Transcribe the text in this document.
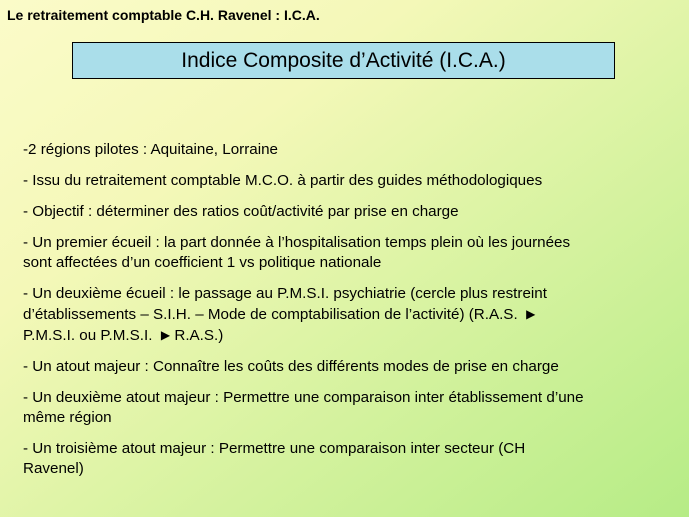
Le retraitement comptable C.H. Ravenel : I.C.A.
Indice Composite d’Activité (I.C.A.)
-2 régions pilotes : Aquitaine, Lorraine
- Issu du retraitement comptable M.C.O. à partir des guides méthodologiques
- Objectif : déterminer des ratios coût/activité par prise en charge
- Un premier écueil : la part donnée à l’hospitalisation temps plein où les journées
sont affectées d’un coefficient 1 vs politique nationale
- Un deuxième écueil : le passage au P.M.S.I. psychiatrie (cercle plus restreint
d’établissements – S.I.H. – Mode de comptabilisation de l’activité) (R.A.S. ▶
P.M.S.I. ou P.M.S.I. ▶ R.A.S.)
- Un atout majeur : Connaître les coûts des différents modes de prise en charge
- Un deuxième atout majeur : Permettre une comparaison inter établissement d’une
même région
- Un troisième atout majeur : Permettre une comparaison inter secteur (CH
Ravenel)
